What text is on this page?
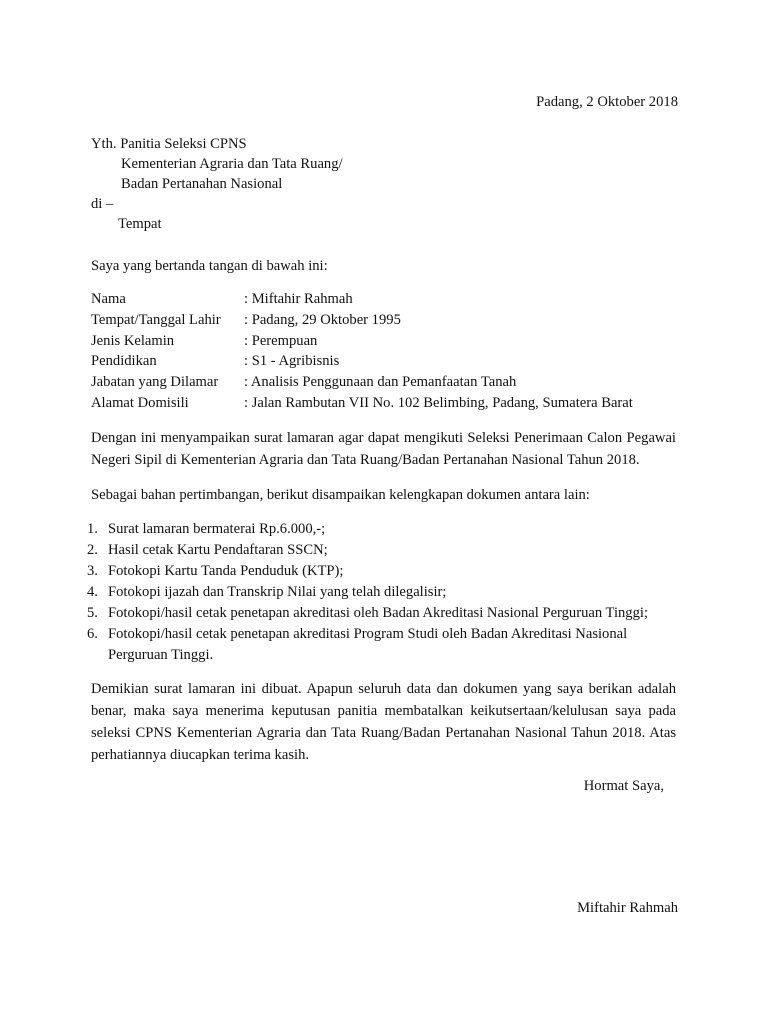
Padang, 2 Oktober 2018
Yth. Panitia Seleksi CPNS
Kementerian Agraria dan Tata Ruang/
Badan Pertanahan Nasional
di –
Tempat
Saya yang bertanda tangan di bawah ini:
Nama	: Miftahir Rahmah
Tempat/Tanggal Lahir	: Padang, 29 Oktober 1995
Jenis Kelamin	: Perempuan
Pendidikan	: S1 - Agribisnis
Jabatan yang Dilamar	: Analisis Penggunaan dan Pemanfaatan Tanah
Alamat Domisili	: Jalan Rambutan VII No. 102 Belimbing, Padang, Sumatera Barat
Dengan ini menyampaikan surat lamaran agar dapat mengikuti Seleksi Penerimaan Calon Pegawai Negeri Sipil di Kementerian Agraria dan Tata Ruang/Badan Pertanahan Nasional Tahun 2018.
Sebagai bahan pertimbangan, berikut disampaikan kelengkapan dokumen antara lain:
1. Surat lamaran bermaterai Rp.6.000,-;
2. Hasil cetak Kartu Pendaftaran SSCN;
3. Fotokopi Kartu Tanda Penduduk (KTP);
4. Fotokopi ijazah dan Transkrip Nilai yang telah dilegalisir;
5. Fotokopi/hasil cetak penetapan akreditasi oleh Badan Akreditasi Nasional Perguruan Tinggi;
6. Fotokopi/hasil cetak penetapan akreditasi Program Studi oleh Badan Akreditasi Nasional Perguruan Tinggi.
Demikian surat lamaran ini dibuat. Apapun seluruh data dan dokumen yang saya berikan adalah benar, maka saya menerima keputusan panitia membatalkan keikutsertaan/kelulusan saya pada seleksi CPNS Kementerian Agraria dan Tata Ruang/Badan Pertanahan Nasional Tahun 2018. Atas perhatiannya diucapkan terima kasih.
Hormat Saya,
Miftahir Rahmah
